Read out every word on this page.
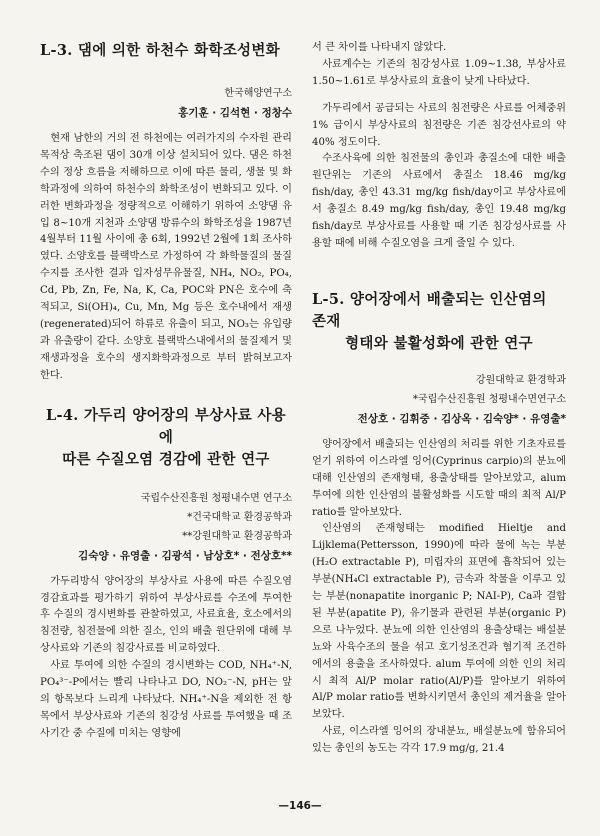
L-3. 댐에 의한 하천수 화학조성변화

한국해양연구소

홍기훈 · 김석현 · 정창수

현재 남한의 거의 전 하천에는 여러가지의 수자원 관리 목적상 축조된 댐이 30개 이상 설치되어 있다. 댐은 하천수의 정상 흐름을 저해하므로 이에 따른 물리, 생물 및 화학과정에 의하여 하천수의 화학조성이 변화되고 있다. 이러한 변화과정을 정량적으로 이해하기 위하여 소양댐 유입 8~10개 지천과 소양댐 방류수의 화학조성을 1987년 4월부터 11월 사이에 총 6회, 1992년 2월에 1회 조사하였다. 소양호를 블랙박스로 가정하여 각 화학물질의 물질수지를 조사한 결과 입자성무유물질, NH₄, NO₂, PO₄, Cd, Pb, Zn, Fe, Na, K, Ca, POC와 PN은 호수에 축적되고, Si(OH)₄, Cu, Mn, Mg 등은 호수내에서 재생 (regenerated)되어 하류로 유출이 되고, NO₃는 유입량과 유출량이 같다. 소양호 블랙박스내에서의 물질제거 및 재생과정을 호수의 생지화학과정으로 부터 밝혀보고자 한다.

L-4. 가두리 양어장의 부상사료 사용에
따른 수질오염 경감에 관한 연구

국립수산진흥원 청평내수면 연구소

*건국대학교 환경공학과

**강원대학교 환경공학과

김숙양 · 유영출 · 김광석 · 남상호* · 전상호**

가두리방식 양어장의 부상사료 사용에 따른 수질오염 경감효과를 평가하기 위하여 부상사료를 수조에 투여한 후 수질의 경시변화를 관찰하였고, 사료효율, 호소에서의 침전량, 침전물에 의한 질소, 인의 배출 원단위에 대해 부상사료와 기존의 침강사료를 비교하였다.

사료 투여에 의한 수질의 경시변화는 COD, NH₄⁺-N, PO₄³⁻-P에서는 빨리 나타나고 DO, NO₂⁻-N, pH는 앞의 항목보다 느리게 나타났다. NH₄⁺-N을 제외한 전 항목에서 부상사료와 기존의 침강성 사료를 투여했을 때 조사기간 중 수질에 미치는 영향에

서 큰 차이를 나타내지 않았다.

사료계수는 기존의 침강성사료 1.09~1.38, 부상사료 1.50~1.61로 부상사료의 효율이 낮게 나타났다.

가두리에서 공급되는 사료의 침전량은 사료를 어체중위 1% 급이시 부상사료의 침전량은 기존 침강선사료의 약 40% 정도이다.

수조사육에 의한 침전물의 총인과 총질소에 대한 배출원단위는 기존의 사료에서 총질소 18.46 mg/kg fish/day, 총인 43.31 mg/kg fish/day이고 부상사료에서 총질소 8.49 mg/kg fish/day, 총인 19.48 mg/kg fish/day로 부상사료를 사용할 때 기존 침강성사료를 사용할 때에 비해 수질오염을 크게 줄일 수 있다.

L-5. 양어장에서 배출되는 인산염의 존재
형태와 불활성화에 관한 연구

강원대학교 환경학과

*국립수산진흥원 청평내수면연구소

전상호 · 김휘중 · 김상옥 · 김숙양* · 유영출*

양어장에서 배출되는 인산염의 처리를 위한 기초자료를 얻기 위하여 이스라엘 잉어(Cyprinus carpio)의 분뇨에 대해 인산염의 존재형태, 용출상태를 알아보았고, alum 투여에 의한 인산염의 불활성화를 시도할 때의 최적 Al/P ratio를 알아보았다.

인산염의 존재형태는 modified Hieltje and Lijklema(Pettersson, 1990)에 따라 물에 녹는 부분(H₂O extractable P), 미립자의 표면에 흡착되어 있는 부분(NH₄Cl extractable P), 금속과 착물을 이루고 있는 부분(nonapatite inorganic P; NAI-P), Ca과 결합된 부분(apatite P), 유기물과 관련된 부분(organic P)으로 나누었다. 분뇨에 의한 인산염의 용출상태는 배설분뇨와 사육수조의 물을 섞고 호기성조건과 혐기적 조건하에서의 용출을 조사하였다. alum 투여에 의한 인의 처리시 최적 Al/P molar ratio(Al/P)를 알아보기 위하여 Al/P molar ratio를 변화시키면서 총인의 제거율을 알아보았다.

사료, 이스라엘 잉어의 장내분뇨, 배설분뇨에 함유되어 있는 총인의 농도는 각각 17.9 mg/g, 21.4

—146—
